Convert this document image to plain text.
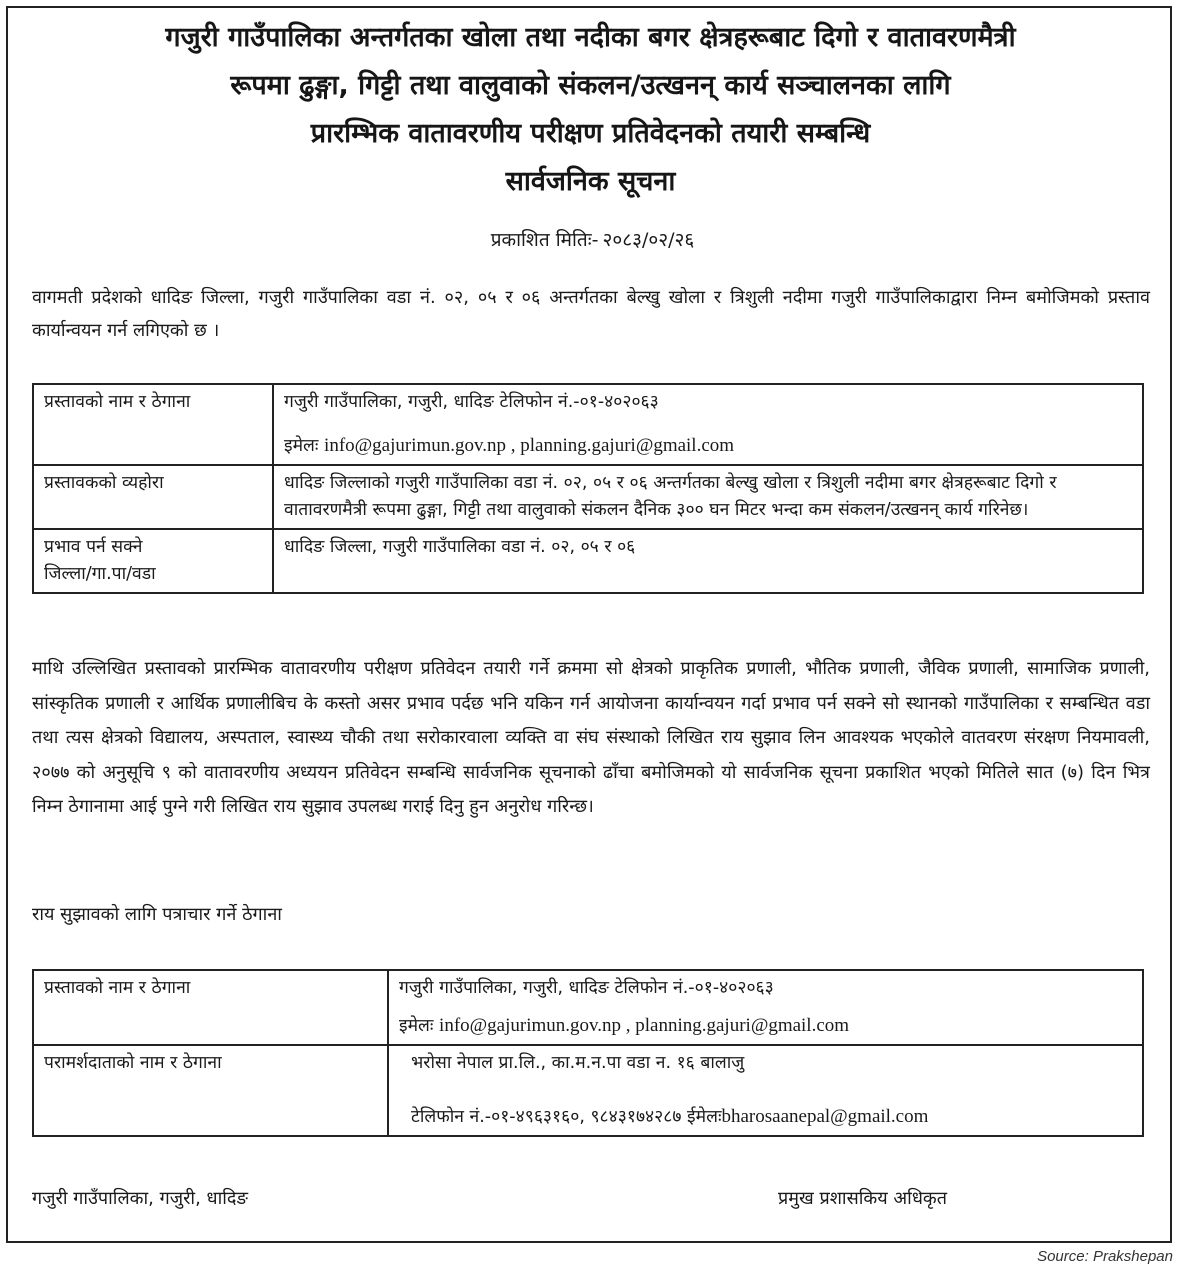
गजुरी गाउँपालिका अन्तर्गतका खोला तथा नदीका बगर क्षेत्रहरूबाट दिगो र वातावरणमैत्री
रूपमा ढुङ्गा, गिट्टी तथा वालुवाको संकलन/उत्खनन् कार्य सञ्चालनका लागि
प्रारम्भिक वातावरणीय परीक्षण प्रतिवेदनको तयारी सम्बन्धि
सार्वजनिक सूचना
प्रकाशित मितिः- २०८३/०२/२६
वागमती प्रदेशको धादिङ जिल्ला, गजुरी गाउँपालिका वडा नं. ०२, ०५ र ०६ अन्तर्गतका बेल्खु खोला र त्रिशुली नदीमा गजुरी गाउँपालिकाद्वारा निम्न बमोजिमको प्रस्ताव कार्यान्वयन गर्न लगिएको छ ।
प्रस्तावको नाम र ठेगाना	गजुरी गाउँपालिका, गजुरी, धादिङ टेलिफोन नं.-०१-४०२०६३
इमेलः info@gajurimun.gov.np , planning.gajuri@gmail.com
प्रस्तावकको व्यहोरा	धादिङ जिल्लाको गजुरी गाउँपालिका वडा नं. ०२, ०५ र ०६ अन्तर्गतका बेल्खु खोला र त्रिशुली नदीमा बगर क्षेत्रहरूबाट दिगो र वातावरणमैत्री रूपमा ढुङ्गा, गिट्टी तथा वालुवाको संकलन दैनिक ३०० घन मिटर भन्दा कम संकलन/उत्खनन् कार्य गरिनेछ।

प्रभाव पर्न सक्ने
जिल्ला/गा.पा/वडा	धादिङ जिल्ला, गजुरी गाउँपालिका वडा नं. ०२, ०५ र ०६
माथि उल्लिखित प्रस्तावको प्रारम्भिक वातावरणीय परीक्षण प्रतिवेदन तयारी गर्ने क्रममा सो क्षेत्रको प्राकृतिक प्रणाली, भौतिक प्रणाली, जैविक प्रणाली, सामाजिक प्रणाली, सांस्कृतिक प्रणाली र आर्थिक प्रणालीबिच के कस्तो असर प्रभाव पर्दछ भनि यकिन गर्न आयोजना कार्यान्वयन गर्दा प्रभाव पर्न सक्ने सो स्थानको गाउँपालिका र सम्बन्धित वडा तथा त्यस क्षेत्रको विद्यालय, अस्पताल, स्वास्थ्य चौकी तथा सरोकारवाला व्यक्ति वा संघ संस्थाको लिखित राय सुझाव लिन आवश्यक भएकोले वातवरण संरक्षण नियमावली, २०७७ को अनुसूचि ९ को वातावरणीय अध्ययन प्रतिवेदन सम्बन्धि सार्वजनिक सूचनाको ढाँचा बमोजिमको यो सार्वजनिक सूचना प्रकाशित भएको मितिले सात (७) दिन भित्र निम्न ठेगानामा आई पुग्ने गरी लिखित राय सुझाव उपलब्ध गराई दिनु हुन अनुरोध गरिन्छ।
राय सुझावको लागि पत्राचार गर्ने ठेगाना
प्रस्तावको नाम र ठेगाना	गजुरी गाउँपालिका, गजुरी, धादिङ टेलिफोन नं.-०१-४०२०६३
इमेलः info@gajurimun.gov.np , planning.gajuri@gmail.com

परामर्शदाताको नाम र ठेगाना	भरोसा नेपाल प्रा.लि., का.म.न.पा वडा न. १६ बालाजु
टेलिफोन नं.-०१-४९६३१६०, ९८४३१७४२८७ ईमेलःbharosaanepal@gmail.com
गजुरी गाउँपालिका, गजुरी, धादिङ	प्रमुख प्रशासकिय अधिकृत
Source: Prakshepan
